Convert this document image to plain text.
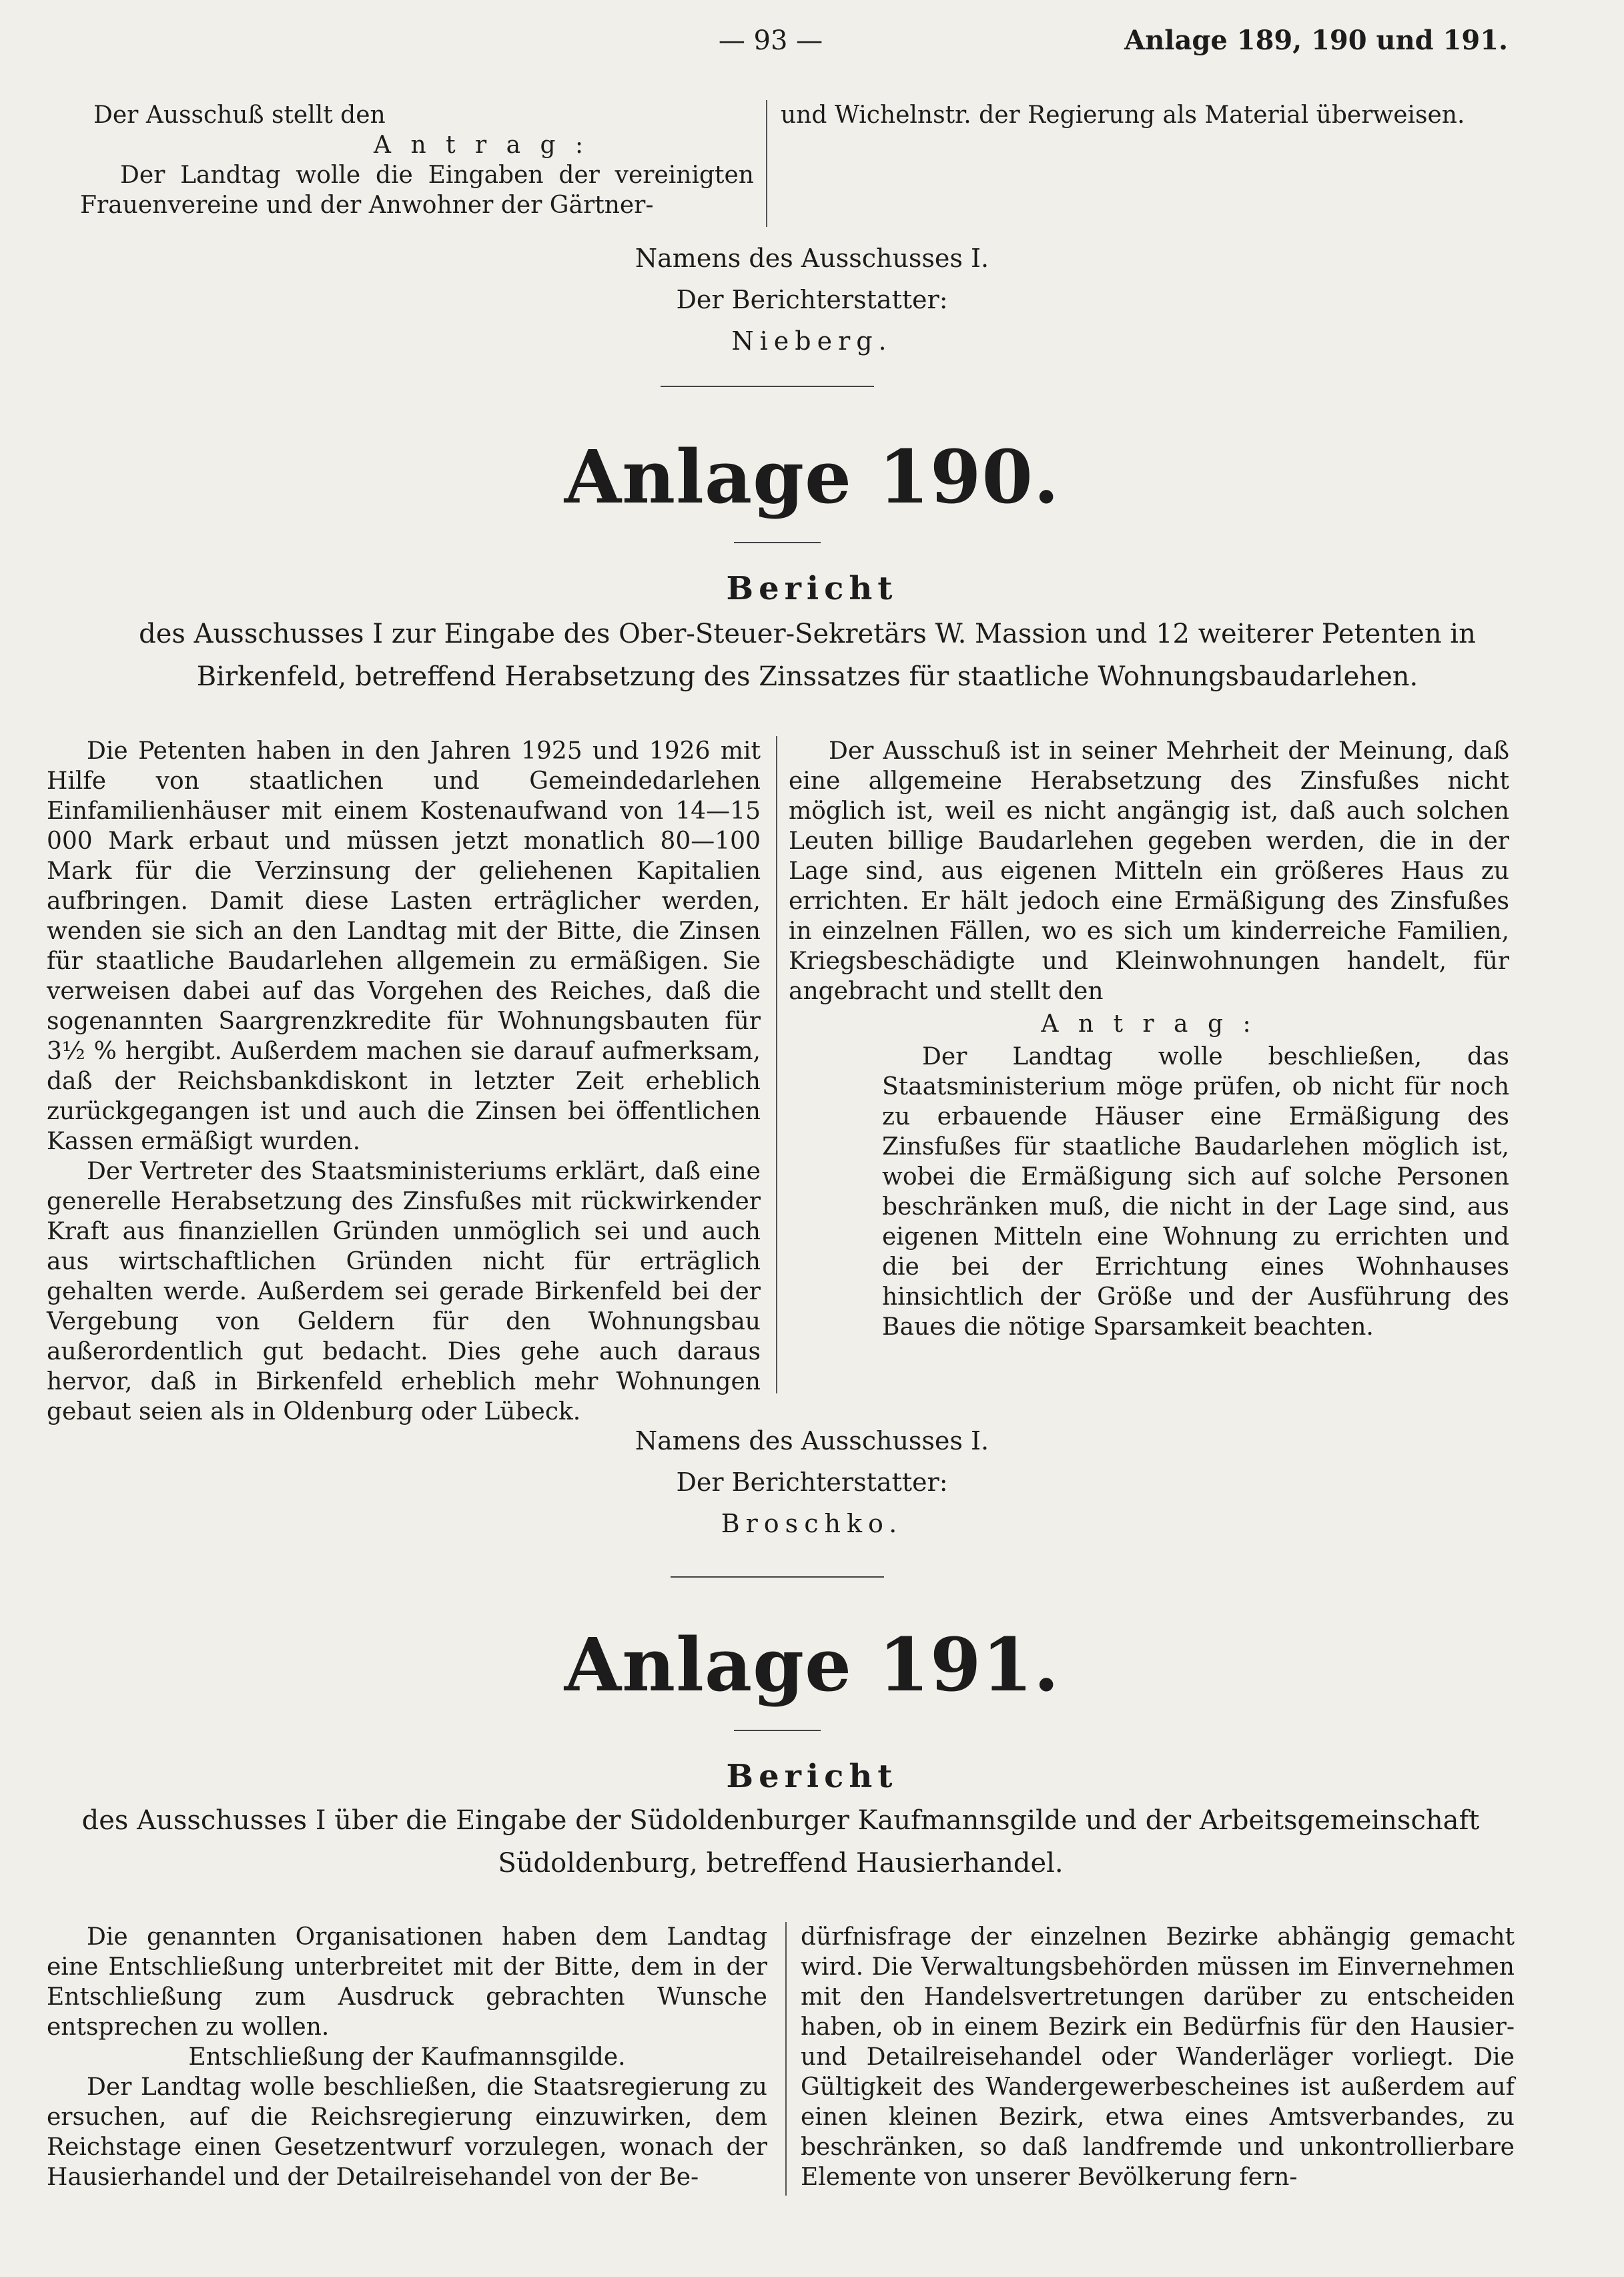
— 93 —	Anlage 189, 190 und 191.

Der Ausschuß stellt den

A n t r a g :

Der Landtag wolle die Eingaben der vereinigten Frauenvereine und der Anwohner der Gärtner-

und Wichelnstr. der Regierung als Material überweisen.

Namens des Ausschusses I.
Der Berichterstatter:
Nieberg.
Anlage 190.
Bericht
des Ausschusses I zur Eingabe des Ober-Steuer-Sekretärs W. Massion und 12 weiterer Petenten in Birkenfeld, betreffend Herabsetzung des Zinssatzes für staatliche Wohnungsbaudarlehen.

Die Petenten haben in den Jahren 1925 und 1926 mit Hilfe von staatlichen und Gemeindedarlehen Einfamilienhäuser mit einem Kostenaufwand von 14—15 000 Mark erbaut und müssen jetzt monatlich 80—100 Mark für die Verzinsung der geliehenen Kapitalien aufbringen. Damit diese Lasten erträglicher werden, wenden sie sich an den Landtag mit der Bitte, die Zinsen für staatliche Baudarlehen allgemein zu ermäßigen. Sie verweisen dabei auf das Vorgehen des Reiches, daß die sogenannten Saargrenzkredite für Wohnungsbauten für 3½ % hergibt. Außerdem machen sie darauf aufmerksam, daß der Reichsbankdiskont in letzter Zeit erheblich zurückgegangen ist und auch die Zinsen bei öffentlichen Kassen ermäßigt wurden.

Der Vertreter des Staatsministeriums erklärt, daß eine generelle Herabsetzung des Zinsfußes mit rückwirkender Kraft aus finanziellen Gründen unmöglich sei und auch aus wirtschaftlichen Gründen nicht für erträglich gehalten werde. Außerdem sei gerade Birkenfeld bei der Vergebung von Geldern für den Wohnungsbau außerordentlich gut bedacht. Dies gehe auch daraus hervor, daß in Birkenfeld erheblich mehr Wohnungen gebaut seien als in Oldenburg oder Lübeck.

Der Ausschuß ist in seiner Mehrheit der Meinung, daß eine allgemeine Herabsetzung des Zinsfußes nicht möglich ist, weil es nicht angängig ist, daß auch solchen Leuten billige Baudarlehen gegeben werden, die in der Lage sind, aus eigenen Mitteln ein größeres Haus zu errichten. Er hält jedoch eine Ermäßigung des Zinsfußes in einzelnen Fällen, wo es sich um kinderreiche Familien, Kriegsbeschädigte und Kleinwohnungen handelt, für angebracht und stellt den

A n t r a g :

Der Landtag wolle beschließen, das Staatsministerium möge prüfen, ob nicht für noch zu erbauende Häuser eine Ermäßigung des Zinsfußes für staatliche Baudarlehen möglich ist, wobei die Ermäßigung sich auf solche Personen beschränken muß, die nicht in der Lage sind, aus eigenen Mitteln eine Wohnung zu errichten und die bei der Errichtung eines Wohnhauses hinsichtlich der Größe und der Ausführung des Baues die nötige Sparsamkeit beachten.

Namens des Ausschusses I.
Der Berichterstatter:
Broschko.
Anlage 191.
Bericht
des Ausschusses I über die Eingabe der Südoldenburger Kaufmannsgilde und der Arbeitsgemeinschaft Südoldenburg, betreffend Hausierhandel.

Die genannten Organisationen haben dem Landtag eine Entschließung unterbreitet mit der Bitte, dem in der Entschließung zum Ausdruck gebrachten Wunsche entsprechen zu wollen.

Entschließung der Kaufmannsgilde.

Der Landtag wolle beschließen, die Staatsregierung zu ersuchen, auf die Reichsregierung einzuwirken, dem Reichstage einen Gesetzentwurf vorzulegen, wonach der Hausierhandel und der Detailreisehandel von der Be-

dürfnisfrage der einzelnen Bezirke abhängig gemacht wird. Die Verwaltungsbehörden müssen im Einvernehmen mit den Handelsvertretungen darüber zu entscheiden haben, ob in einem Bezirk ein Bedürfnis für den Hausier- und Detailreisehandel oder Wanderläger vorliegt. Die Gültigkeit des Wandergewerbescheines ist außerdem auf einen kleinen Bezirk, etwa eines Amtsverbandes, zu beschränken, so daß landfremde und unkontrollierbare Elemente von unserer Bevölkerung fern-
